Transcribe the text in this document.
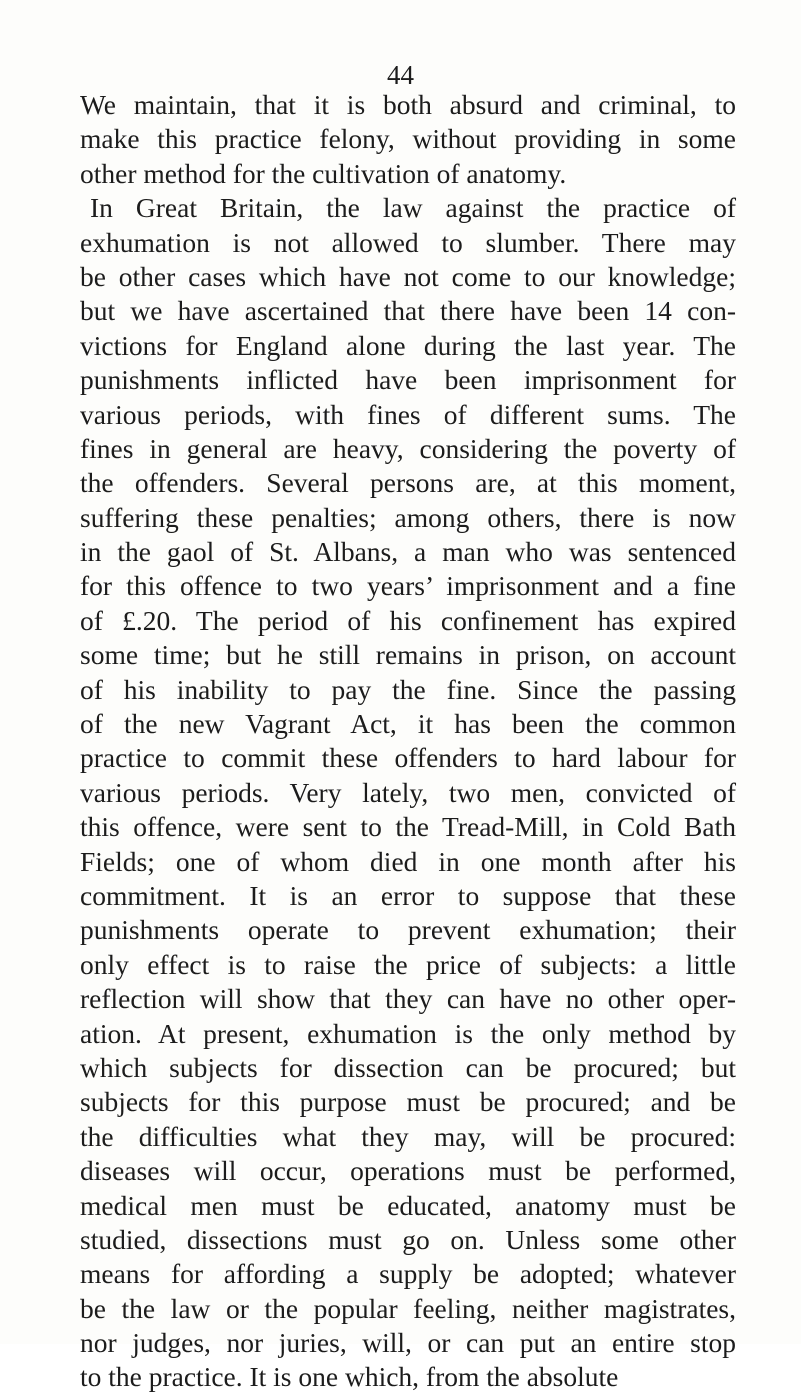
44
We maintain, that it is both absurd and criminal, to
make this practice felony, without providing in some
other method for the cultivation of anatomy.
In Great Britain, the law against the practice of
exhumation is not allowed to slumber. There may
be other cases which have not come to our knowledge;
but we have ascertained that there have been 14 con-
victions for England alone during the last year. The
punishments inflicted have been imprisonment for
various periods, with fines of different sums. The
fines in general are heavy, considering the poverty of
the offenders. Several persons are, at this moment,
suffering these penalties; among others, there is now
in the gaol of St. Albans, a man who was sentenced
for this offence to two years’ imprisonment and a fine
of £.20. The period of his confinement has expired
some time; but he still remains in prison, on account
of his inability to pay the fine. Since the passing
of the new Vagrant Act, it has been the common
practice to commit these offenders to hard labour for
various periods. Very lately, two men, convicted of
this offence, were sent to the Tread-Mill, in Cold Bath
Fields; one of whom died in one month after his
commitment. It is an error to suppose that these
punishments operate to prevent exhumation; their
only effect is to raise the price of subjects: a little
reflection will show that they can have no other oper-
ation. At present, exhumation is the only method by
which subjects for dissection can be procured; but
subjects for this purpose must be procured; and be
the difficulties what they may, will be procured:
diseases will occur, operations must be performed,
medical men must be educated, anatomy must be
studied, dissections must go on. Unless some other
means for affording a supply be adopted; whatever
be the law or the popular feeling, neither magistrates,
nor judges, nor juries, will, or can put an entire stop
to the practice. It is one which, from the absolute
